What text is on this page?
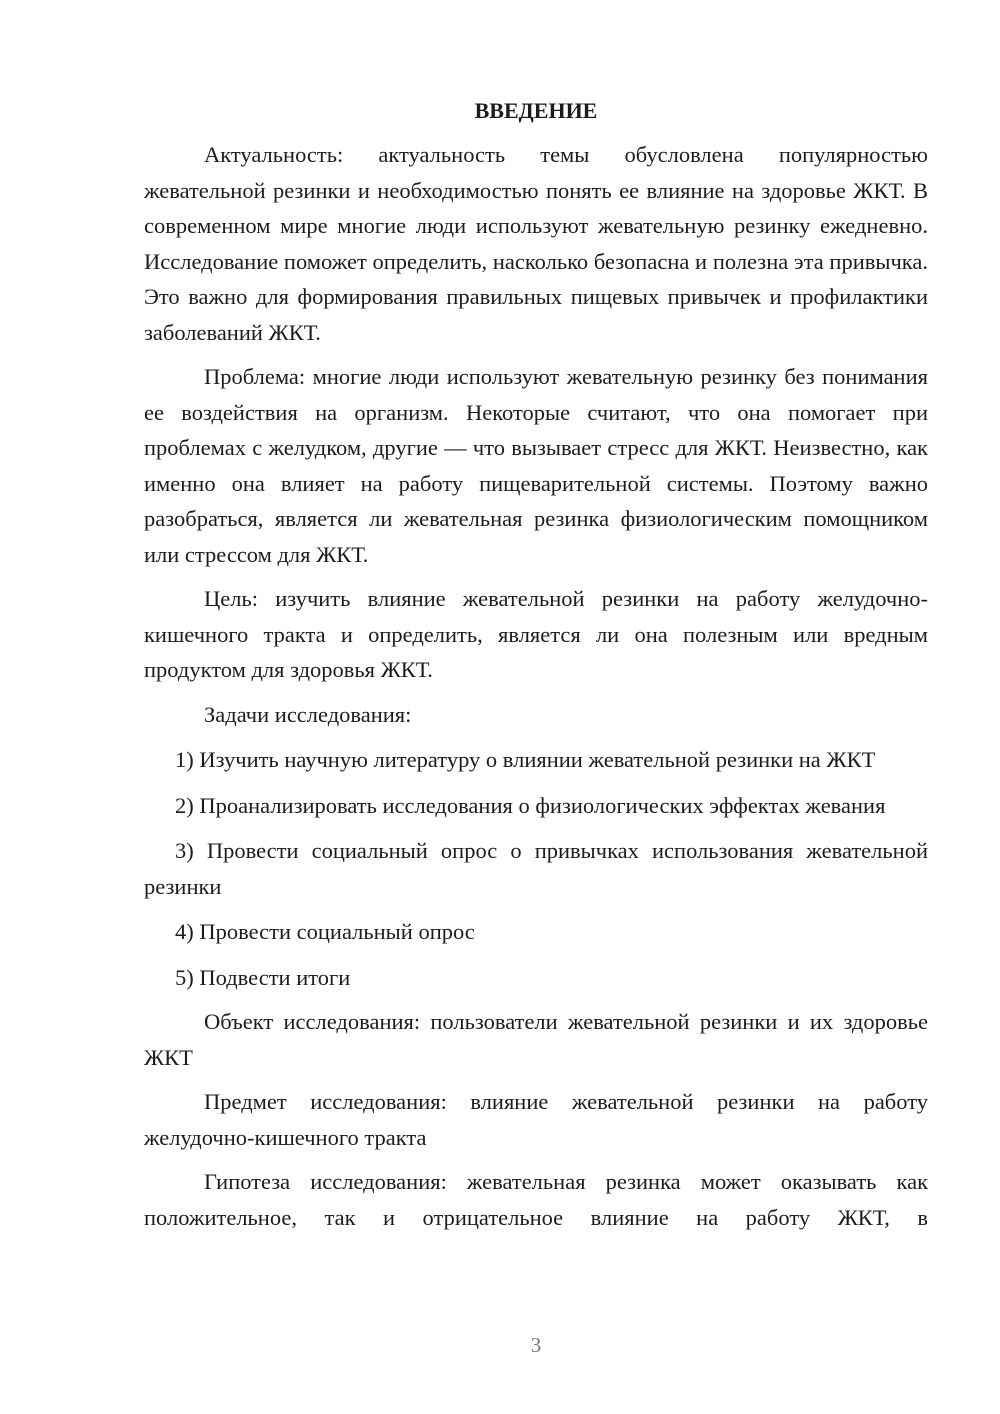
ВВЕДЕНИЕ

Актуальность: актуальность темы обусловлена популярностью жевательной резинки и необходимостью понять ее влияние на здоровье ЖКТ. В современном мире многие люди используют жевательную резинку ежедневно. Исследование поможет определить, насколько безопасна и полезна эта привычка. Это важно для формирования правильных пищевых привычек и профилактики заболеваний ЖКТ.

Проблема: многие люди используют жевательную резинку без понимания ее воздействия на организм. Некоторые считают, что она помогает при проблемах с желудком, другие — что вызывает стресс для ЖКТ. Неизвестно, как именно она влияет на работу пищеварительной системы. Поэтому важно разобраться, является ли жевательная резинка физиологическим помощником или стрессом для ЖКТ.

Цель: изучить влияние жевательной резинки на работу желудочно-кишечного тракта и определить, является ли она полезным или вредным продуктом для здоровья ЖКТ.

Задачи исследования:

1) Изучить научную литературу о влиянии жевательной резинки на ЖКТ

2) Проанализировать исследования о физиологических эффектах жевания

3) Провести социальный опрос о привычках использования жевательной резинки

4) Провести социальный опрос

5) Подвести итоги

Объект исследования: пользователи жевательной резинки и их здоровье ЖКТ

Предмет исследования: влияние жевательной резинки на работу желудочно-кишечного тракта

Гипотеза исследования: жевательная резинка может оказывать как положительное, так и отрицательное влияние на работу ЖКТ, в

3
